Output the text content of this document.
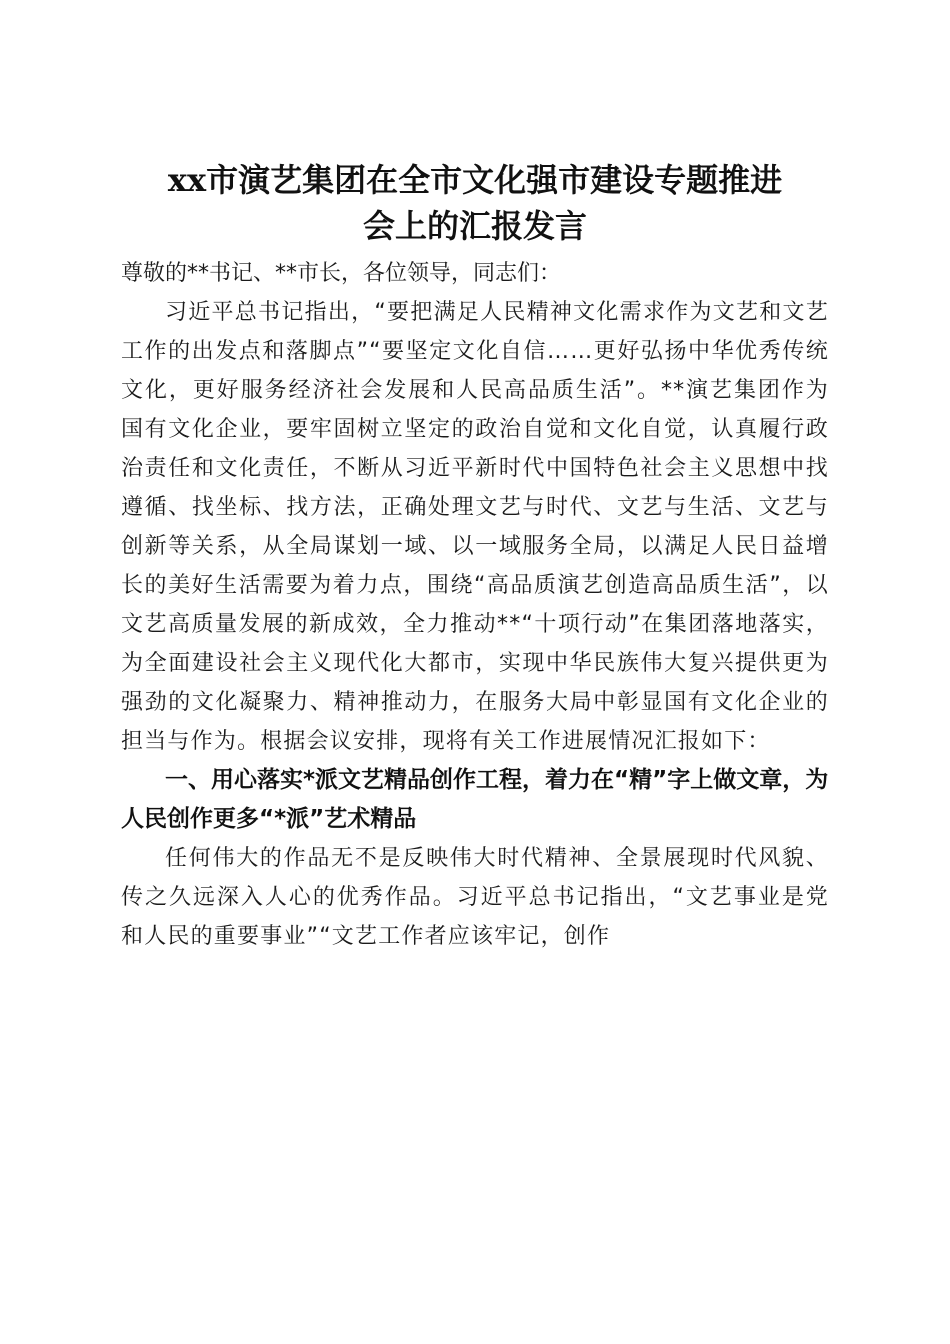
xx市演艺集团在全市文化强市建设专题推进
会上的汇报发言

尊敬的**书记、**市长，各位领导，同志们：

习近平总书记指出，“要把满足人民精神文化需求作为文艺和文艺工作的出发点和落脚点”“要坚定文化自信……更好弘扬中华优秀传统文化，更好服务经济社会发展和人民高品质生活”。**演艺集团作为国有文化企业，要牢固树立坚定的政治自觉和文化自觉，认真履行政治责任和文化责任，不断从习近平新时代中国特色社会主义思想中找遵循、找坐标、找方法，正确处理文艺与时代、文艺与生活、文艺与创新等关系，从全局谋划一域、以一域服务全局，以满足人民日益增长的美好生活需要为着力点，围绕“高品质演艺创造高品质生活”，以文艺高质量发展的新成效，全力推动**“十项行动”在集团落地落实，为全面建设社会主义现代化大都市，实现中华民族伟大复兴提供更为强劲的文化凝聚力、精神推动力，在服务大局中彰显国有文化企业的担当与作为。根据会议安排，现将有关工作进展情况汇报如下：

一、用心落实*派文艺精品创作工程，着力在“精”字上做文章，为人民创作更多“*派”艺术精品

任何伟大的作品无不是反映伟大时代精神、全景展现时代风貌、传之久远深入人心的优秀作品。习近平总书记指出，“文艺事业是党和人民的重要事业”“文艺工作者应该牢记，创作
